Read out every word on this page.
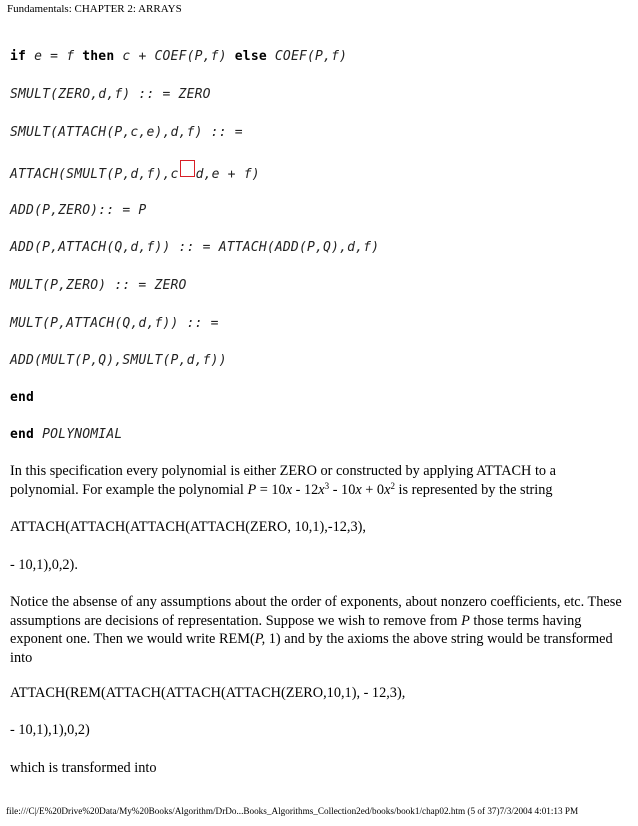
Fundamentals: CHAPTER 2: ARRAYS
if e = f then c + COEF(P,f) else COEF(P,f)
SMULT(ZERO,d,f) :: = ZERO
SMULT(ATTACH(P,c,e),d,f) :: =
ATTACH(SMULT(P,d,f),c d,e + f)
ADD(P,ZERO):: = P
ADD(P,ATTACH(Q,d,f)) :: = ATTACH(ADD(P,Q),d,f)
MULT(P,ZERO) :: = ZERO
MULT(P,ATTACH(Q,d,f)) :: =
ADD(MULT(P,Q),SMULT(P,d,f))
end
end POLYNOMIAL
In this specification every polynomial is either ZERO or constructed by applying ATTACH to a polynomial. For example the polynomial $P = 10x - 12x^3 - 10x + 0x^2$ is represented by the string
ATTACH(ATTACH(ATTACH(ATTACH(ZERO, 10,1),-12,3),
- 10,1),0,2).
Notice the absense of any assumptions about the order of exponents, about nonzero coefficients, etc. These assumptions are decisions of representation. Suppose we wish to remove from P those terms having exponent one. Then we would write REM(P, 1) and by the axioms the above string would be transformed into
ATTACH(REM(ATTACH(ATTACH(ATTACH(ZERO,10,1), - 12,3),
- 10,1),1),0,2)
which is transformed into
file:///C|/E%20Drive%20Data/My%20Books/Algorithm/DrDo...Books_Algorithms_Collection2ed/books/book1/chap02.htm (5 of 37)7/3/2004 4:01:13 PM
